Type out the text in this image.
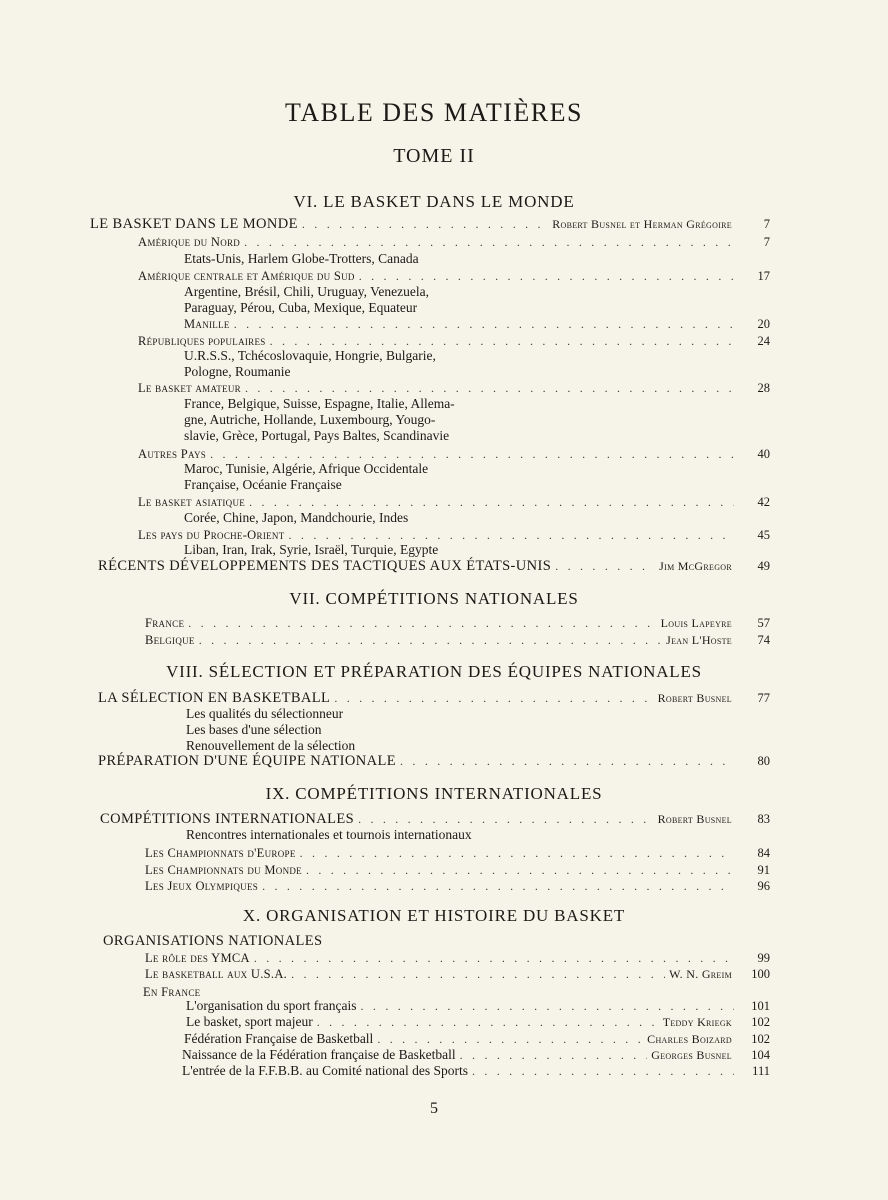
TABLE DES MATIÈRES
TOME II
VI. LE BASKET DANS LE MONDE
LE BASKET DANS LE MONDE . . .	Robert Busnel et Herman Grégoire	7
Amérique du Nord . . .	7
Etats-Unis, Harlem Globe-Trotters, Canada
Amérique centrale et Amérique du Sud . . .	17
Argentine, Brésil, Chili, Uruguay, Venezuela,
Paraguay, Pérou, Cuba, Mexique, Equateur
Manille . . .	20
Républiques populaires . . .	24
U.R.S.S., Tchécoslovaquie, Hongrie, Bulgarie,
Pologne, Roumanie
Le basket amateur . . .	28
France, Belgique, Suisse, Espagne, Italie, Allema-
gne, Autriche, Hollande, Luxembourg, Yougo-
slavie, Grèce, Portugal, Pays Baltes, Scandinavie
Autres Pays . . .	40
Maroc, Tunisie, Algérie, Afrique Occidentale
Française, Océanie Française
Le basket asiatique . . .	42
Corée, Chine, Japon, Mandchourie, Indes
Les pays du Proche-Orient . . .	45
Liban, Iran, Irak, Syrie, Israël, Turquie, Egypte
RÉCENTS DÉVELOPPEMENTS DES TACTIQUES AUX ÉTATS-UNIS . . .	Jim McGregor	49
VII. COMPÉTITIONS NATIONALES
France . . .	Louis Lapeyre	57
Belgique . . .	Jean L'Hoste	74
VIII. SÉLECTION ET PRÉPARATION DES ÉQUIPES NATIONALES
LA SÉLECTION EN BASKETBALL . . .	Robert Busnel	77
Les qualités du sélectionneur
Les bases d'une sélection
Renouvellement de la sélection
PRÉPARATION D'UNE ÉQUIPE NATIONALE . . .	80
IX. COMPÉTITIONS INTERNATIONALES
COMPÉTITIONS INTERNATIONALES . . .	Robert Busnel	83
Rencontres internationales et tournois internationaux
Les Championnats d'Europe . . .	84
Les Championnats du Monde . . .	91
Les Jeux Olympiques . . .	96
X. ORGANISATION ET HISTOIRE DU BASKET
ORGANISATIONS NATIONALES
Le rôle des YMCA . . .	99
Le basketball aux U.S.A. . . .	W. N. Greim	100
En France
L'organisation du sport français . . .	101
Le basket, sport majeur . . .	Teddy Kriegk	102
Fédération Française de Basketball . . .	Charles Boizard	102
Naissance de la Fédération française de Basketball . . .	Georges Busnel	104
L'entrée de la F.F.B.B. au Comité national des Sports . . .	111
5
